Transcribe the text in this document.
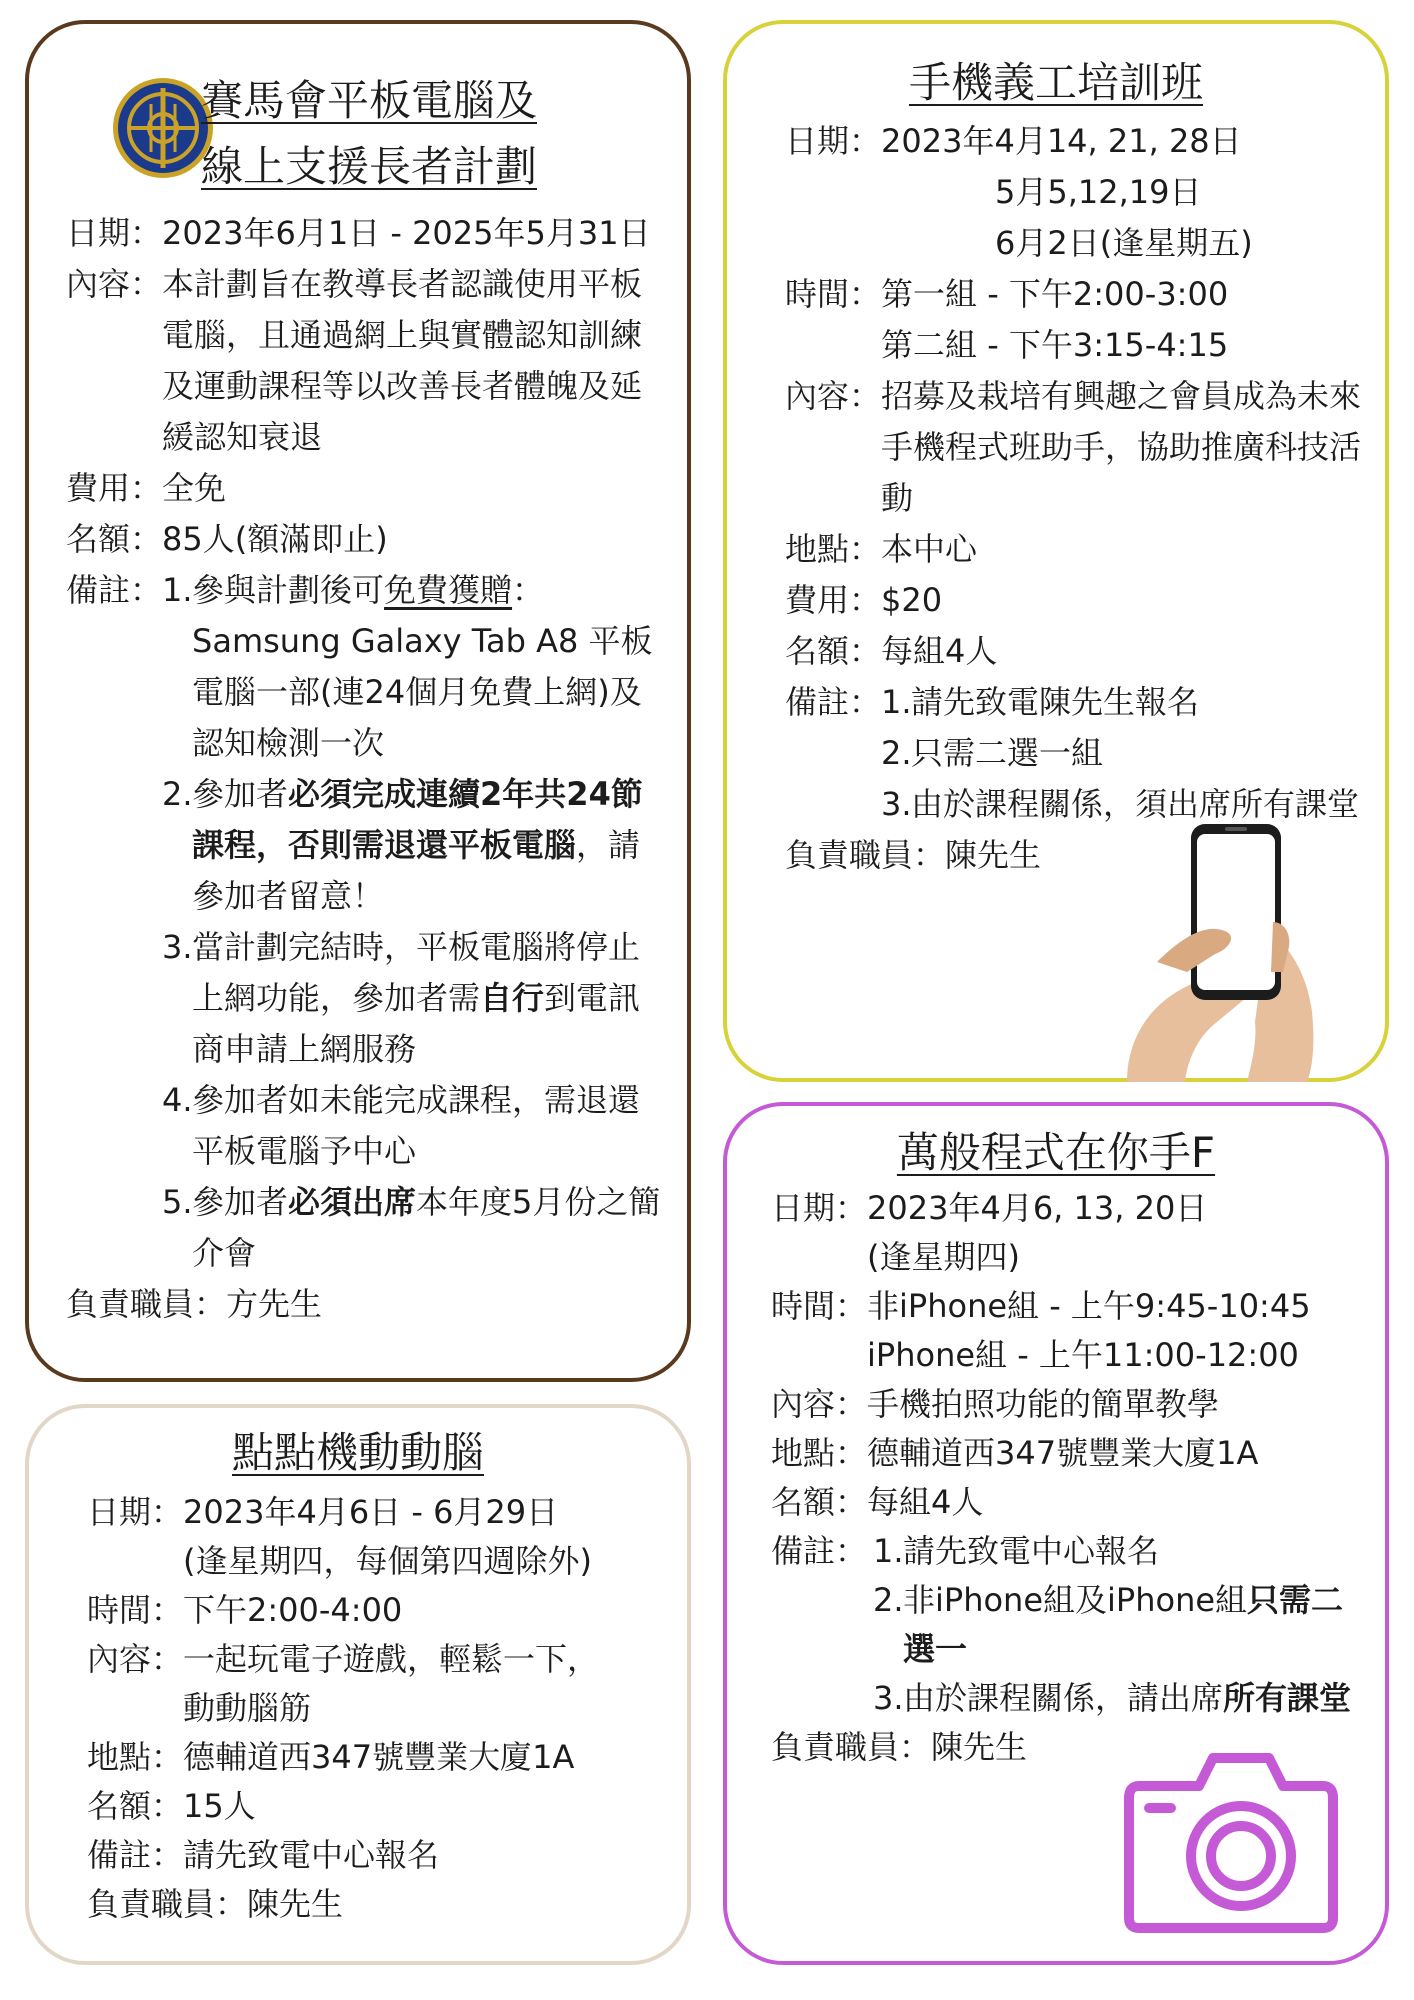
賽馬會平板電腦及
線上支援長者計劃
日期： 2023年6月1日 - 2025年5月31日
內容： 本計劃旨在教導長者認識使用平板電腦，且通過網上與實體認知訓練及運動課程等以改善長者體魄及延緩認知衰退
費用： 全免
名額： 85人(額滿即止)
備註： 1. 參與計劃後可免費獲贈：Samsung Galaxy Tab A8 平板電腦一部(連24個月免費上網)及認知檢測一次
2. 參加者必須完成連續2年共24節課程，否則需退還平板電腦，請參加者留意！
3. 當計劃完結時，平板電腦將停止上網功能，參加者需自行到電訊商申請上網服務
4. 參加者如未能完成課程，需退還平板電腦予中心
5. 參加者必須出席本年度5月份之簡介會
負責職員： 方先生
手機義工培訓班
日期： 2023年4月14, 21, 28日
5月5,12,19日
6月2日(逢星期五)
時間： 第一組 - 下午2:00-3:00
第二組 - 下午3:15-4:15
內容： 招募及栽培有興趣之會員成為未來手機程式班助手，協助推廣科技活動
地點： 本中心
費用： $20
名額： 每組4人
備註： 1. 請先致電陳先生報名
2. 只需二選一組
3. 由於課程關係，須出席所有課堂
負責職員： 陳先生
點點機動動腦
日期： 2023年4月6日 - 6月29日
(逢星期四，每個第四週除外)
時間： 下午2:00-4:00
內容： 一起玩電子遊戲，輕鬆一下，動動腦筋
地點： 德輔道西347號豐業大廈1A
名額： 15人
備註： 請先致電中心報名
負責職員： 陳先生
萬般程式在你手F
日期： 2023年4月6, 13, 20日
(逢星期四)
時間： 非iPhone組 - 上午9:45-10:45
iPhone組 - 上午11:00-12:00
內容： 手機拍照功能的簡單教學
地點： 德輔道西347號豐業大廈1A
名額： 每組4人
備註： 1. 請先致電中心報名
2. 非iPhone組及iPhone組只需二選一
3. 由於課程關係，請出席所有課堂
負責職員： 陳先生
